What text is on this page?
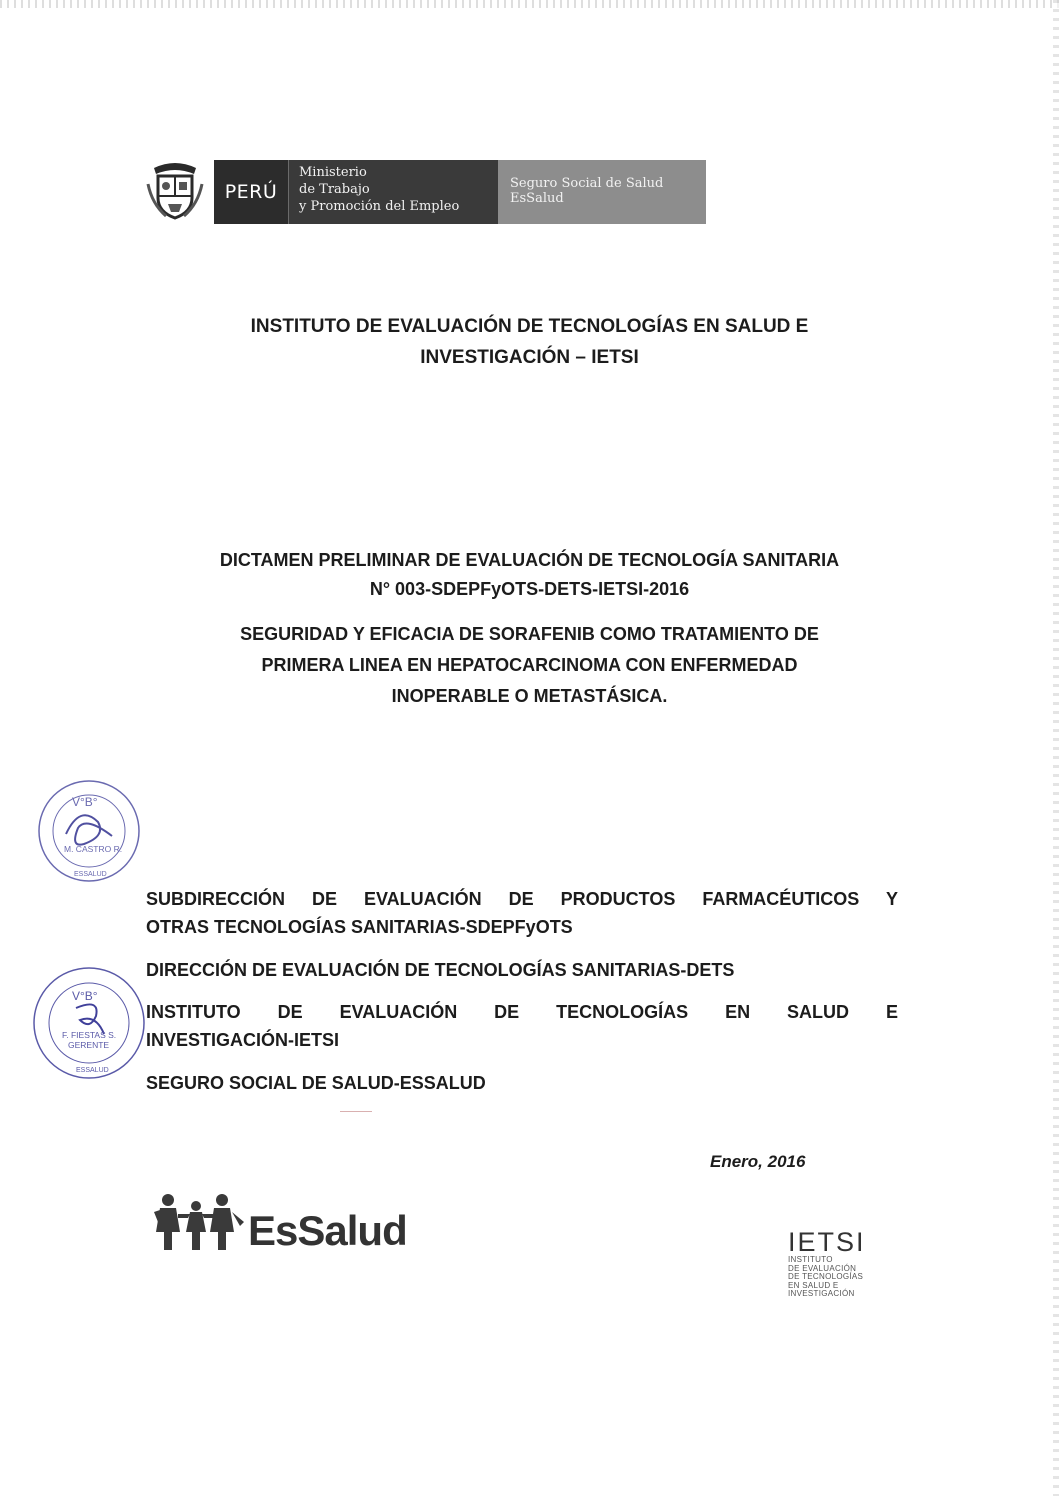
PERÚ
Ministerio
de Trabajo
y Promoción del Empleo
Seguro Social de Salud
EsSalud
INSTITUTO DE EVALUACIÓN DE TECNOLOGÍAS EN SALUD E
INVESTIGACIÓN – IETSI
DICTAMEN PRELIMINAR DE EVALUACIÓN DE TECNOLOGÍA SANITARIA
N° 003-SDEPFyOTS-DETS-IETSI-2016
SEGURIDAD Y EFICACIA DE SORAFENIB COMO TRATAMIENTO DE
PRIMERA LINEA EN HEPATOCARCINOMA CON ENFERMEDAD
INOPERABLE O METASTÁSICA.
V°B°
M. CASTRO R.
ESSALUD
SUBDIRECCIÓN DE EVALUACIÓN DE PRODUCTOS FARMACÉUTICOS Y
OTRAS TECNOLOGÍAS SANITARIAS-SDEPFyOTS
DIRECCIÓN DE EVALUACIÓN DE TECNOLOGÍAS SANITARIAS-DETS
INSTITUTO DE EVALUACIÓN DE TECNOLOGÍAS EN SALUD E
INVESTIGACIÓN-IETSI
SEGURO SOCIAL DE SALUD-ESSALUD
V°B°
F. FIESTAS S.
GERENTE
ESSALUD
Enero, 2016
EsSalud	IETSI
INSTITUTO
DE EVALUACIÓN
DE TECNOLOGÍAS
EN SALUD E
INVESTIGACIÓN
